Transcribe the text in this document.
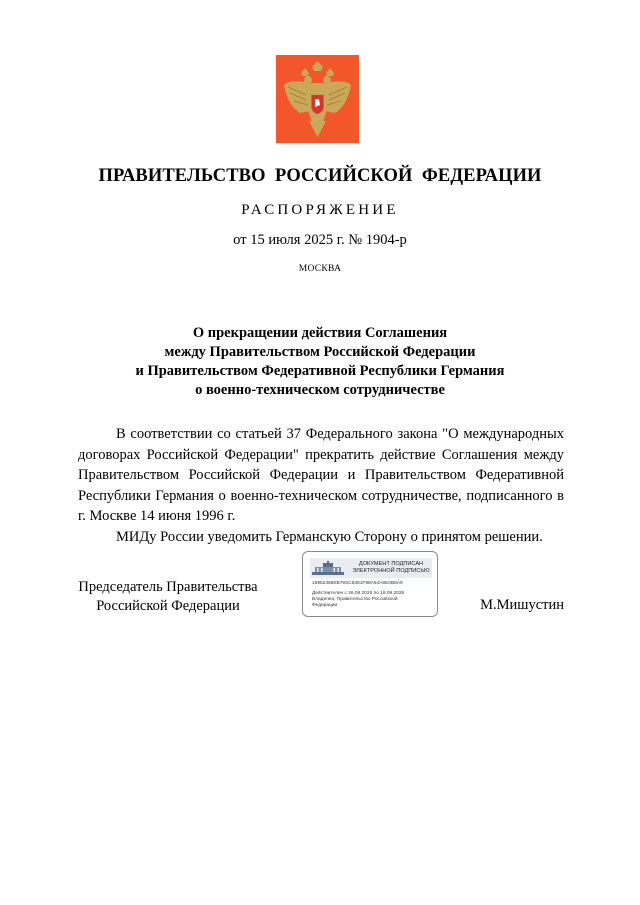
ПРАВИТЕЛЬСТВО  РОССИЙСКОЙ  ФЕДЕРАЦИИ
РАСПОРЯЖЕНИЕ
от 15 июля 2025 г. № 1904-р
МОСКВА
О прекращении действия Соглашения
между Правительством Российской Федерации
и Правительством Федеративной Республики Германия
о военно-техническом сотрудничестве

В соответствии со статьей 37 Федерального закона "О международных договорах Российской Федерации" прекратить действие Соглашения между Правительством Российской Федерации и Правительством Федеративной Республики Германия о военно-техническом сотрудничестве, подписанного в г. Москве 14 июня 1996 г.

МИДу России уведомить Германскую Сторону о принятом решении.

Председатель Правительства
Российской Федерации
ДОКУМЕНТ ПОДПИСАН
ЭЛЕКТРОННОЙ ПОДПИСЬЮ
16962468EB79SC5451F98A54A8E0B8A9
Действителен с 26.06.2025 по 19.09.2026
Владелец: Правительство Российской
Федерации	М.Мишустин
